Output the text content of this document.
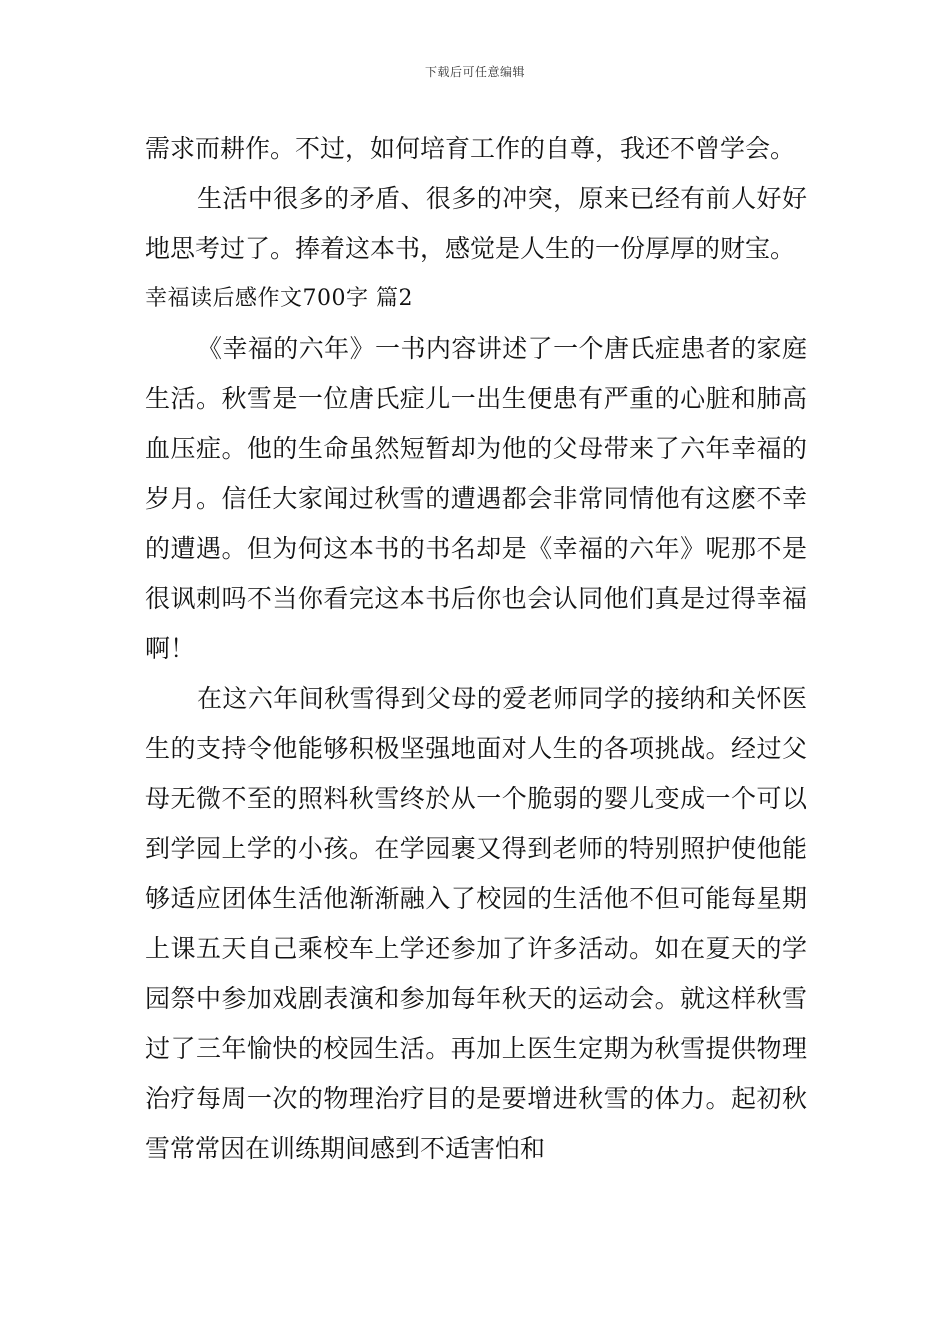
下载后可任意编辑

需求而耕作。不过，如何培育工作的自尊，我还不曾学会。

生活中很多的矛盾、很多的冲突，原来已经有前人好好地思考过了。捧着这本书，感觉是人生的一份厚厚的财宝。

幸福读后感作文700字 篇2

《幸福的六年》一书内容讲述了一个唐氏症患者的家庭生活。秋雪是一位唐氏症儿一出生便患有严重的心脏和肺高血压症。他的生命虽然短暂却为他的父母带来了六年幸福的岁月。信任大家闻过秋雪的遭遇都会非常同情他有这麽不幸的遭遇。但为何这本书的书名却是《幸福的六年》呢那不是很讽刺吗不当你看完这本书后你也会认同他们真是过得幸福啊！

在这六年间秋雪得到父母的爱老师同学的接纳和关怀医生的支持令他能够积极坚强地面对人生的各项挑战。经过父母无微不至的照料秋雪终於从一个脆弱的婴儿变成一个可以到学园上学的小孩。在学园裹又得到老师的特别照护使他能够适应团体生活他渐渐融入了校园的生活他不但可能每星期上课五天自己乘校车上学还参加了许多活动。如在夏天的学园祭中参加戏剧表演和参加每年秋天的运动会。就这样秋雪过了三年愉快的校园生活。再加上医生定期为秋雪提供物理治疗每周一次的物理治疗目的是要增进秋雪的体力。起初秋雪常常因在训练期间感到不适害怕和
